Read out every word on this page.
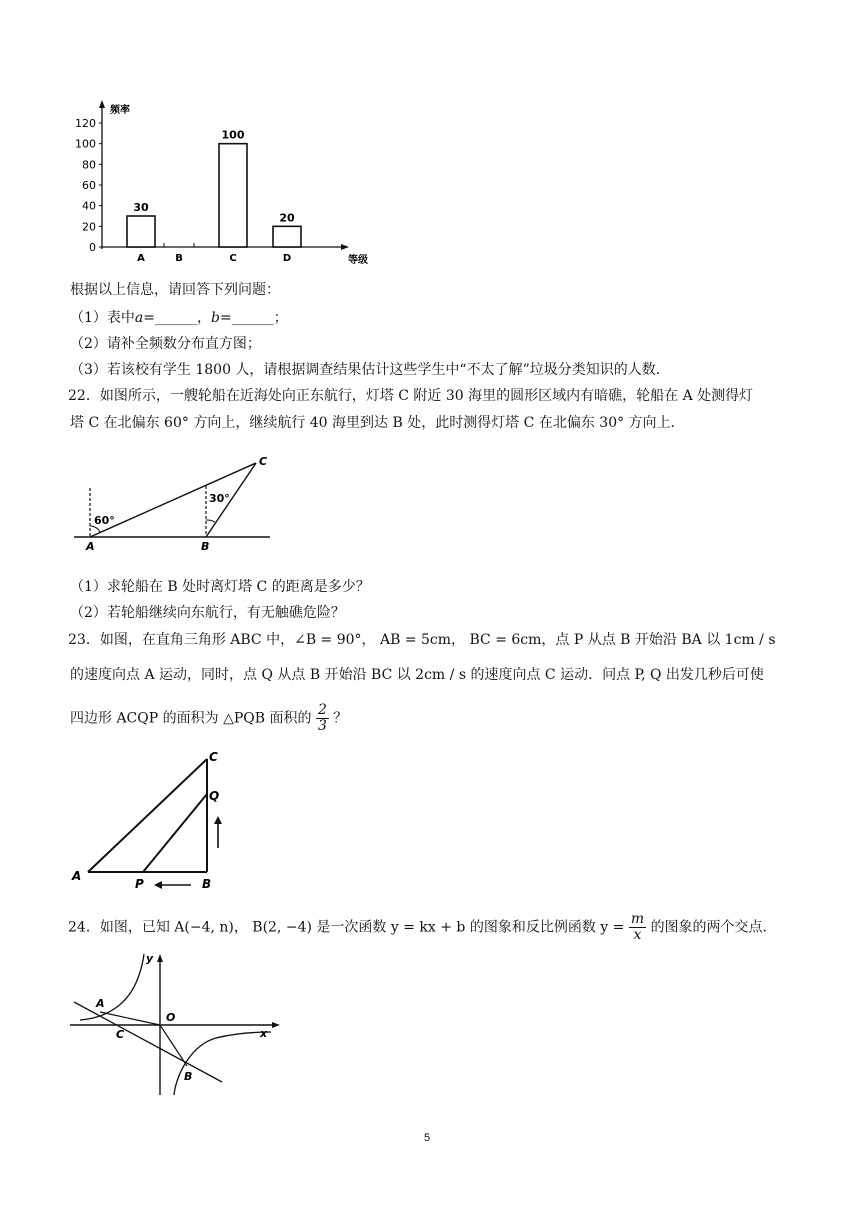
频率
等级
0
20
40
60
80
100
120
A
30
B	C
100
D
20
根据以上信息，请回答下列问题：
（1）表中a=______，b=______；
（2）请补全频数分布直方图；
（3）若该校有学生 1800 人，请根据调查结果估计这些学生中“不太了解”垃圾分类知识的人数．
22．如图所示，一艘轮船在近海处向正东航行，灯塔 C 附近 30 海里的圆形区域内有暗礁，轮船在 A 处测得灯
塔 C 在北偏东 60° 方向上，继续航行 40 海里到达 B 处，此时测得灯塔 C 在北偏东 30° 方向上．
A	B
C
60°
30°
（1）求轮船在 B 处时离灯塔 C 的距离是多少？
（2）若轮船继续向东航行，有无触礁危险？
23．如图，在直角三角形 ABC 中，∠B = 90°， AB = 5cm， BC = 6cm，点 P 从点 B 开始沿 BA 以 1cm / s
的速度向点 A 运动，同时，点 Q 从点 B 开始沿 BC 以 2cm / s 的速度向点 C 运动．问点 P, Q 出发几秒后可使
四边形 ACQP 的面积为 △PQB 面积的 $\frac{2}{3}$ ？
A
B
C
P
Q
24．如图，已知 A(−4, n)， B(2, −4) 是一次函数 y = kx + b 的图象和反比例函数 $y = \frac{m}{x}$ 的图象的两个交点．
y
O
x
A
B
C
5
